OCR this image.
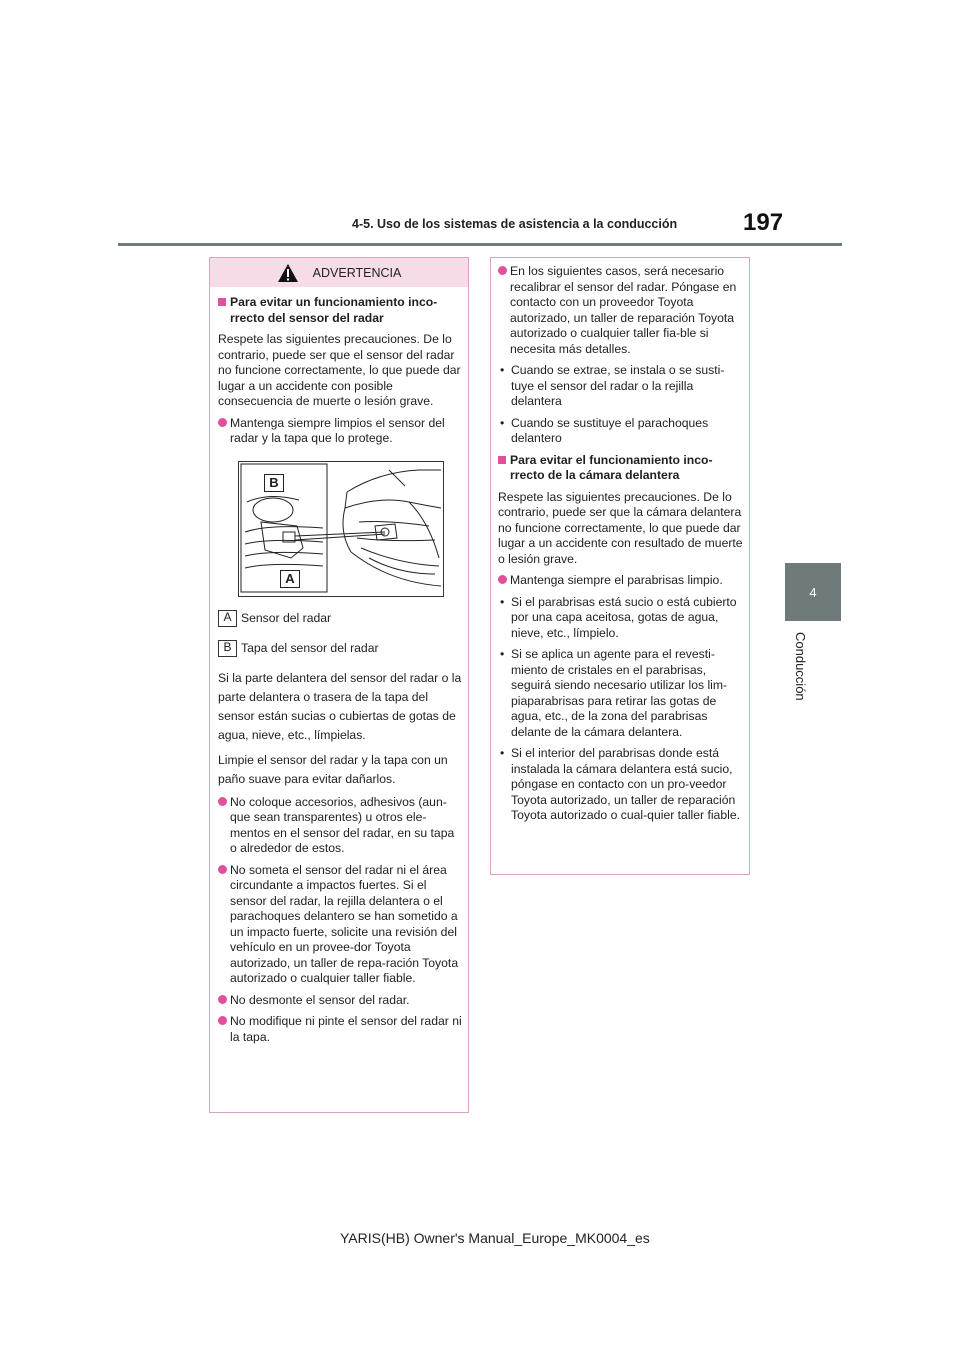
4-5. Uso de los sistemas de asistencia a la conducción	197
4
Conducción
ADVERTENCIA
Para evitar un funcionamiento inco-rrecto del sensor del radar
Respete las siguientes precauciones. De lo contrario, puede ser que el sensor del radar no funcione correctamente, lo que puede dar lugar a un accidente con posible consecuencia de muerte o lesión grave.
Mantenga siempre limpios el sensor del radar y la tapa que lo protege.
B
A
A Sensor del radar
B Tapa del sensor del radar
Si la parte delantera del sensor del radar o la parte delantera o trasera de la tapa del sensor están sucias o cubiertas de gotas de agua, nieve, etc., límpielas.
Limpie el sensor del radar y la tapa con un paño suave para evitar dañarlos.
No coloque accesorios, adhesivos (aun-que sean transparentes) u otros ele-mentos en el sensor del radar, en su tapa o alrededor de estos.
No someta el sensor del radar ni el área circundante a impactos fuertes. Si el sensor del radar, la rejilla delantera o el parachoques delantero se han sometido a un impacto fuerte, solicite una revisión del vehículo en un provee-dor Toyota autorizado, un taller de repa-ración Toyota autorizado o cualquier taller fiable.
No desmonte el sensor del radar.
No modifique ni pinte el sensor del radar ni la tapa.
En los siguientes casos, será necesario recalibrar el sensor del radar. Póngase en contacto con un proveedor Toyota autorizado, un taller de reparación Toyota autorizado o cualquier taller fia-ble si necesita más detalles.
• Cuando se extrae, se instala o se susti-tuye el sensor del radar o la rejilla delantera
• Cuando se sustituye el parachoques delantero
Para evitar el funcionamiento inco-rrecto de la cámara delantera
Respete las siguientes precauciones. De lo contrario, puede ser que la cámara delantera no funcione correctamente, lo que puede dar lugar a un accidente con resultado de muerte o lesión grave.
Mantenga siempre el parabrisas limpio.
• Si el parabrisas está sucio o está cubierto por una capa aceitosa, gotas de agua, nieve, etc., límpielo.
• Si se aplica un agente para el revesti-miento de cristales en el parabrisas, seguirá siendo necesario utilizar los lim-piaparabrisas para retirar las gotas de agua, etc., de la zona del parabrisas delante de la cámara delantera.
• Si el interior del parabrisas donde está instalada la cámara delantera está sucio, póngase en contacto con un pro-veedor Toyota autorizado, un taller de reparación Toyota autorizado o cual-quier taller fiable.
YARIS(HB) Owner's Manual_Europe_MK0004_es
